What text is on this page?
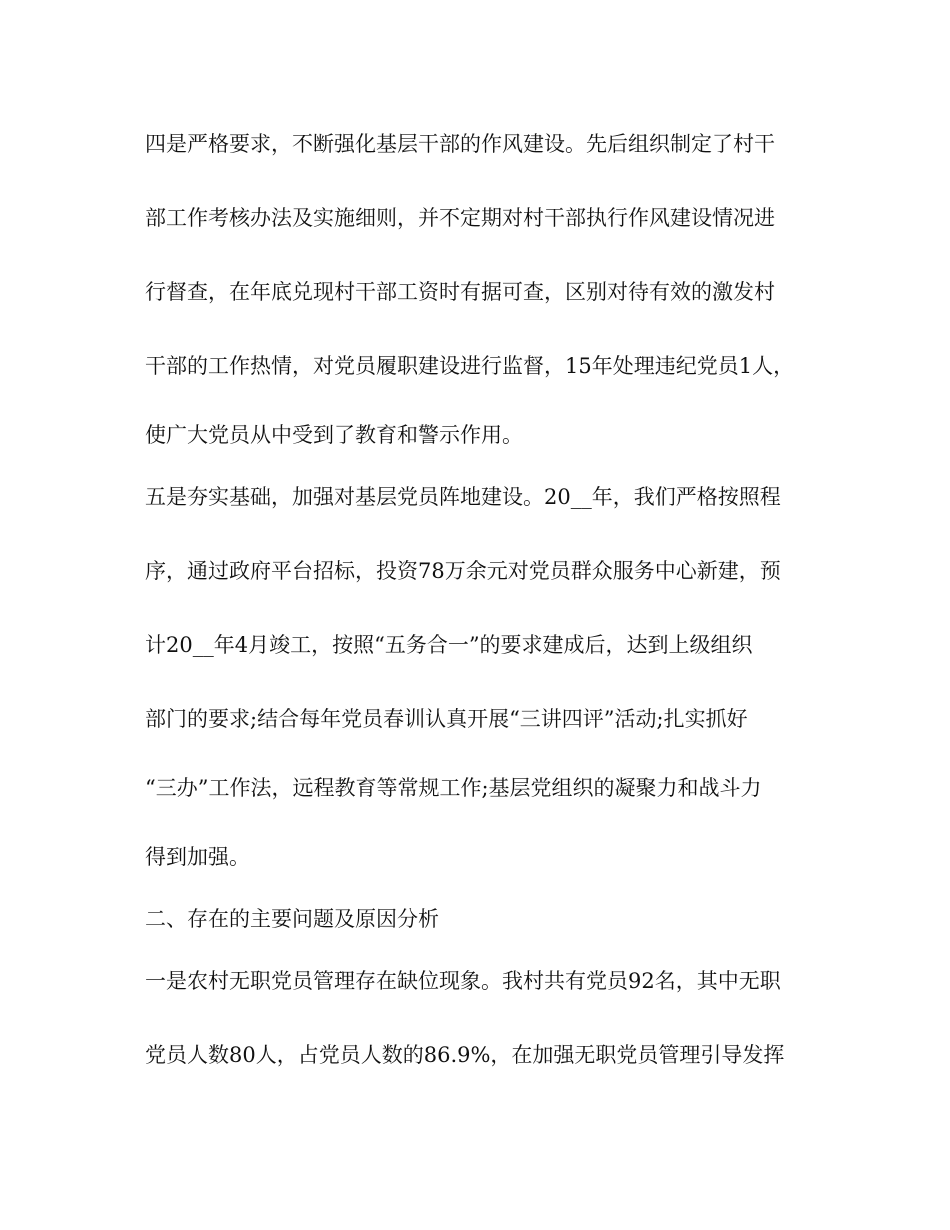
四是严格要求，不断强化基层干部的作风建设。先后组织制定了村干
部工作考核办法及实施细则，并不定期对村干部执行作风建设情况进
行督查，在年底兑现村干部工资时有据可查，区别对待有效的激发村
干部的工作热情，对党员履职建设进行监督，15年处理违纪党员1人，
使广大党员从中受到了教育和警示作用。
五是夯实基础，加强对基层党员阵地建设。20__年，我们严格按照程
序，通过政府平台招标，投资78万余元对党员群众服务中心新建，预
计20__年4月竣工，按照“五务合一”的要求建成后，达到上级组织
部门的要求;结合每年党员春训认真开展“三讲四评”活动;扎实抓好
“三办”工作法，远程教育等常规工作;基层党组织的凝聚力和战斗力
得到加强。
二、存在的主要问题及原因分析
一是农村无职党员管理存在缺位现象。我村共有党员92名，其中无职
党员人数80人，占党员人数的86.9%，在加强无职党员管理引导发挥
